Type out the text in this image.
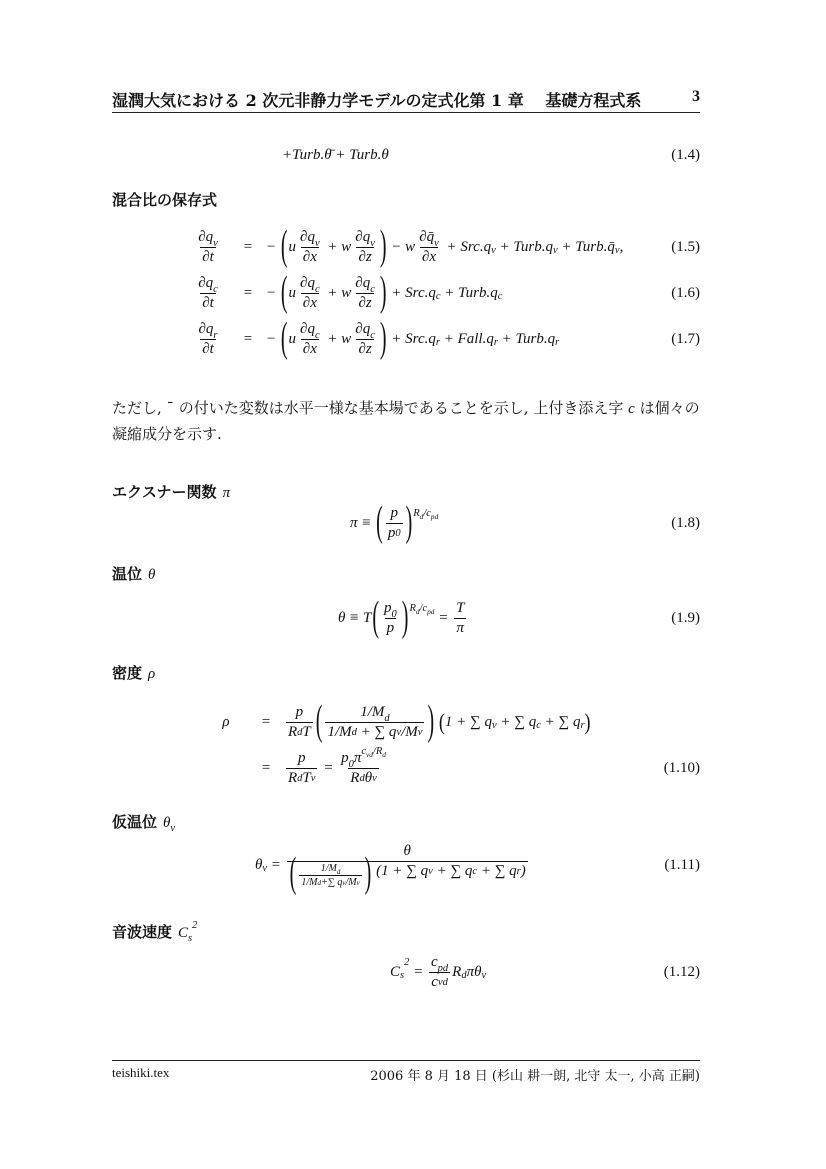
湿潤大気における 2 次元非静力学モデルの定式化第 1 章　 基礎方程式系	3
+Turb.θ̄ + Turb.θ	(1.4)
混合比の保存式
$\frac{\text{∂q v}}{\partial t}$	= − ( u $\frac{\text{∂q v}}{\partial x} + w \frac{\text{∂q v}}{\partial z}$ ) − w $\frac{\partial q̄ v}{\partial x} + Src.q$ v + Turb.q v + Turb.q̄ v ,	(1.5)
$\frac{\text{∂q c}}{\partial t}$	= − ( u $\frac{\text{∂q c}}{\partial x} + w \frac{\text{∂q c}}{\partial z}$ ) + Src.q c + Turb.q c	(1.6)
$\frac{\text{∂q r}}{\partial t}$	= − ( u $\frac{\text{∂q c}}{\partial x} + w \frac{\text{∂q c}}{\partial z}$ ) + Src.q r + Fall.q r + Turb.q r	(1.7)
ただし, ¯ の付いた変数は水平一様な基本場であることを示し, 上付き添え字 c は個々の凝縮成分を示す.
エクスナー関数 π
π ≡ ( $\frac{p}{p 0}$ ) R d /c pd	(1.8)
温位 θ
θ ≡ T ( $\frac{p 0}{p}$ ) R d /c pd = $\frac{T}{\pi}$	(1.9)
密度 ρ
ρ	=	$\frac{p}{\text{R d T}}$ ( $\frac{\text{1/M d}}{\text{1/M d + ∑ q v /M v}}$ )
( 1 + ∑ q v + ∑ q c + ∑ q r )
=	$\frac{p}{\text{R d T v}} = \frac{\text{p 0 π c vd /R d}}{\text{R d θ v}}$	(1.10)
仮温位 θ v
θ $v = \frac{\theta}{( \frac{\text{1/M d}}{\text{1/M d +∑ q v /M v}} ) (1 + \sum q v + \sum q c + \sum q r )}$	(1.11)
音波速度 C s
2
C s
2
= $\frac{\text{c pd}}{\text{c vd}}$ R d πθ v	(1.12)
teishiki.tex	2006 年 8 月 18 日 (杉山 耕一朗, 北守 太一, 小高 正嗣)
